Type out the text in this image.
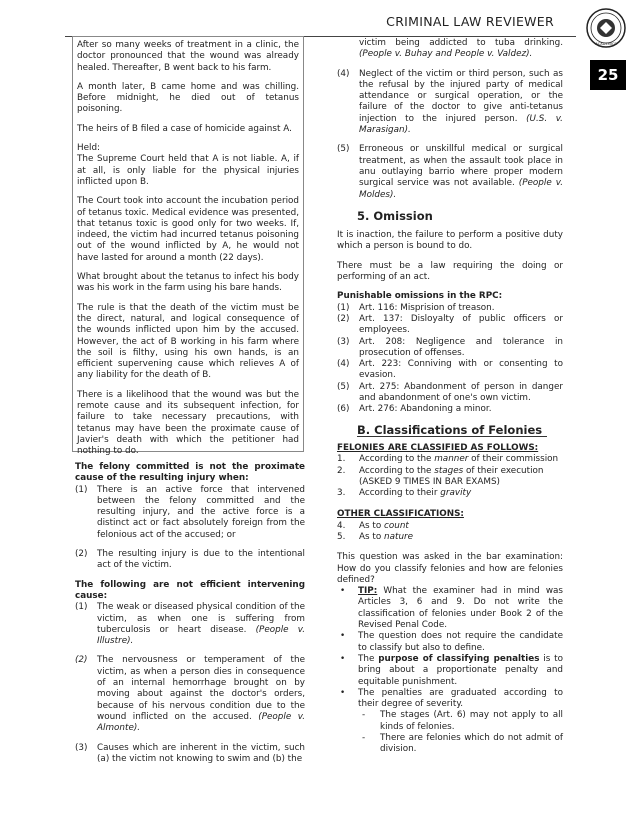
CRIMINAL LAW REVIEWER
ACADEMICS
25

After so many weeks of treatment in a clinic, the doctor pronounced that the wound was already healed. Thereafter, B went back to his farm.

A month later, B came home and was chilling. Before midnight, he died out of tetanus poisoning.

The heirs of B filed a case of homicide against A.

Held:

The Supreme Court held that A is not liable. A, if at all, is only liable for the physical injuries inflicted upon B.

The Court took into account the incubation period of tetanus toxic. Medical evidence was presented, that tetanus toxic is good only for two weeks. If, indeed, the victim had incurred tetanus poisoning out of the wound inflicted by A, he would not have lasted for around a month (22 days).

What brought about the tetanus to infect his body was his work in the farm using his bare hands.

The rule is that the death of the victim must be the direct, natural, and logical consequence of the wounds inflicted upon him by the accused. However, the act of B working in his farm where the soil is filthy, using his own hands, is an efficient supervening cause which relieves A of any liability for the death of B.

There is a likelihood that the wound was but the remote cause and its subsequent infection, for failure to take necessary precautions, with tetanus may have been the proximate cause of Javier's death with which the petitioner had nothing to do.

The felony committed is not the proximate cause of the resulting injury when:

(1)	There is an active force that intervened between the felony committed and the resulting injury, and the active force is a distinct act or fact absolutely foreign from the felonious act of the accused; or
(2)	The resulting injury is due to the intentional act of the victim.

The following are not efficient intervening cause:

(1)	The weak or diseased physical condition of the victim, as when one is suffering from tuberculosis or heart disease. (People v. Illustre).
(2)	The nervousness or temperament of the victim, as when a person dies in consequence of an internal hemorrhage brought on by moving about against the doctor's orders, because of his nervous condition due to the wound inflicted on the accused. (People v. Almonte).
(3)	Causes which are inherent in the victim, such (a) the victim not knowing to swim and (b) the
victim being addicted to tuba drinking. (People v. Buhay and People v. Valdez).
(4)	Neglect of the victim or third person, such as the refusal by the injured party of medical attendance or surgical operation, or the failure of the doctor to give anti-tetanus injection to the injured person. (U.S. v. Marasigan).
(5)	Erroneous or unskillful medical or surgical treatment, as when the assault took place in anu outlaying barrio where proper modern surgical service was not available. (People v. Moldes).

5. Omission

It is inaction, the failure to perform a positive duty which a person is bound to do.

There must be a law requiring the doing or performing of an act.

Punishable omissions in the RPC:

(1)	Art. 116: Misprision of treason.
(2)	Art. 137: Disloyalty of public officers or employees.
(3)	Art. 208: Negligence and tolerance in prosecution of offenses.
(4)	Art. 223: Conniving with or consenting to evasion.
(5)	Art. 275: Abandonment of person in danger and abandonment of one's own victim.
(6)	Art. 276: Abandoning a minor.

B. Classifications of Felonies

FELONIES ARE CLASSIFIED AS FOLLOWS:

1.	According to the manner of their commission
2.	According to the stages of their execution
(ASKED 9 TIMES IN BAR EXAMS)
3.	According to their gravity

OTHER CLASSIFICATIONS:

4.	As to count
5.	As to nature

This question was asked in the bar examination: How do you classify felonies and how are felonies defined?

•	TIP: What the examiner had in mind was Articles 3, 6 and 9. Do not write the classification of felonies under Book 2 of the Revised Penal Code.
•	The question does not require the candidate to classify but also to define.
•	The purpose of classifying penalties is to bring about a proportionate penalty and equitable punishment.
•	The penalties are graduated according to their degree of severity.
-	The stages (Art. 6) may not apply to all kinds of felonies.
-	There are felonies which do not admit of division.
